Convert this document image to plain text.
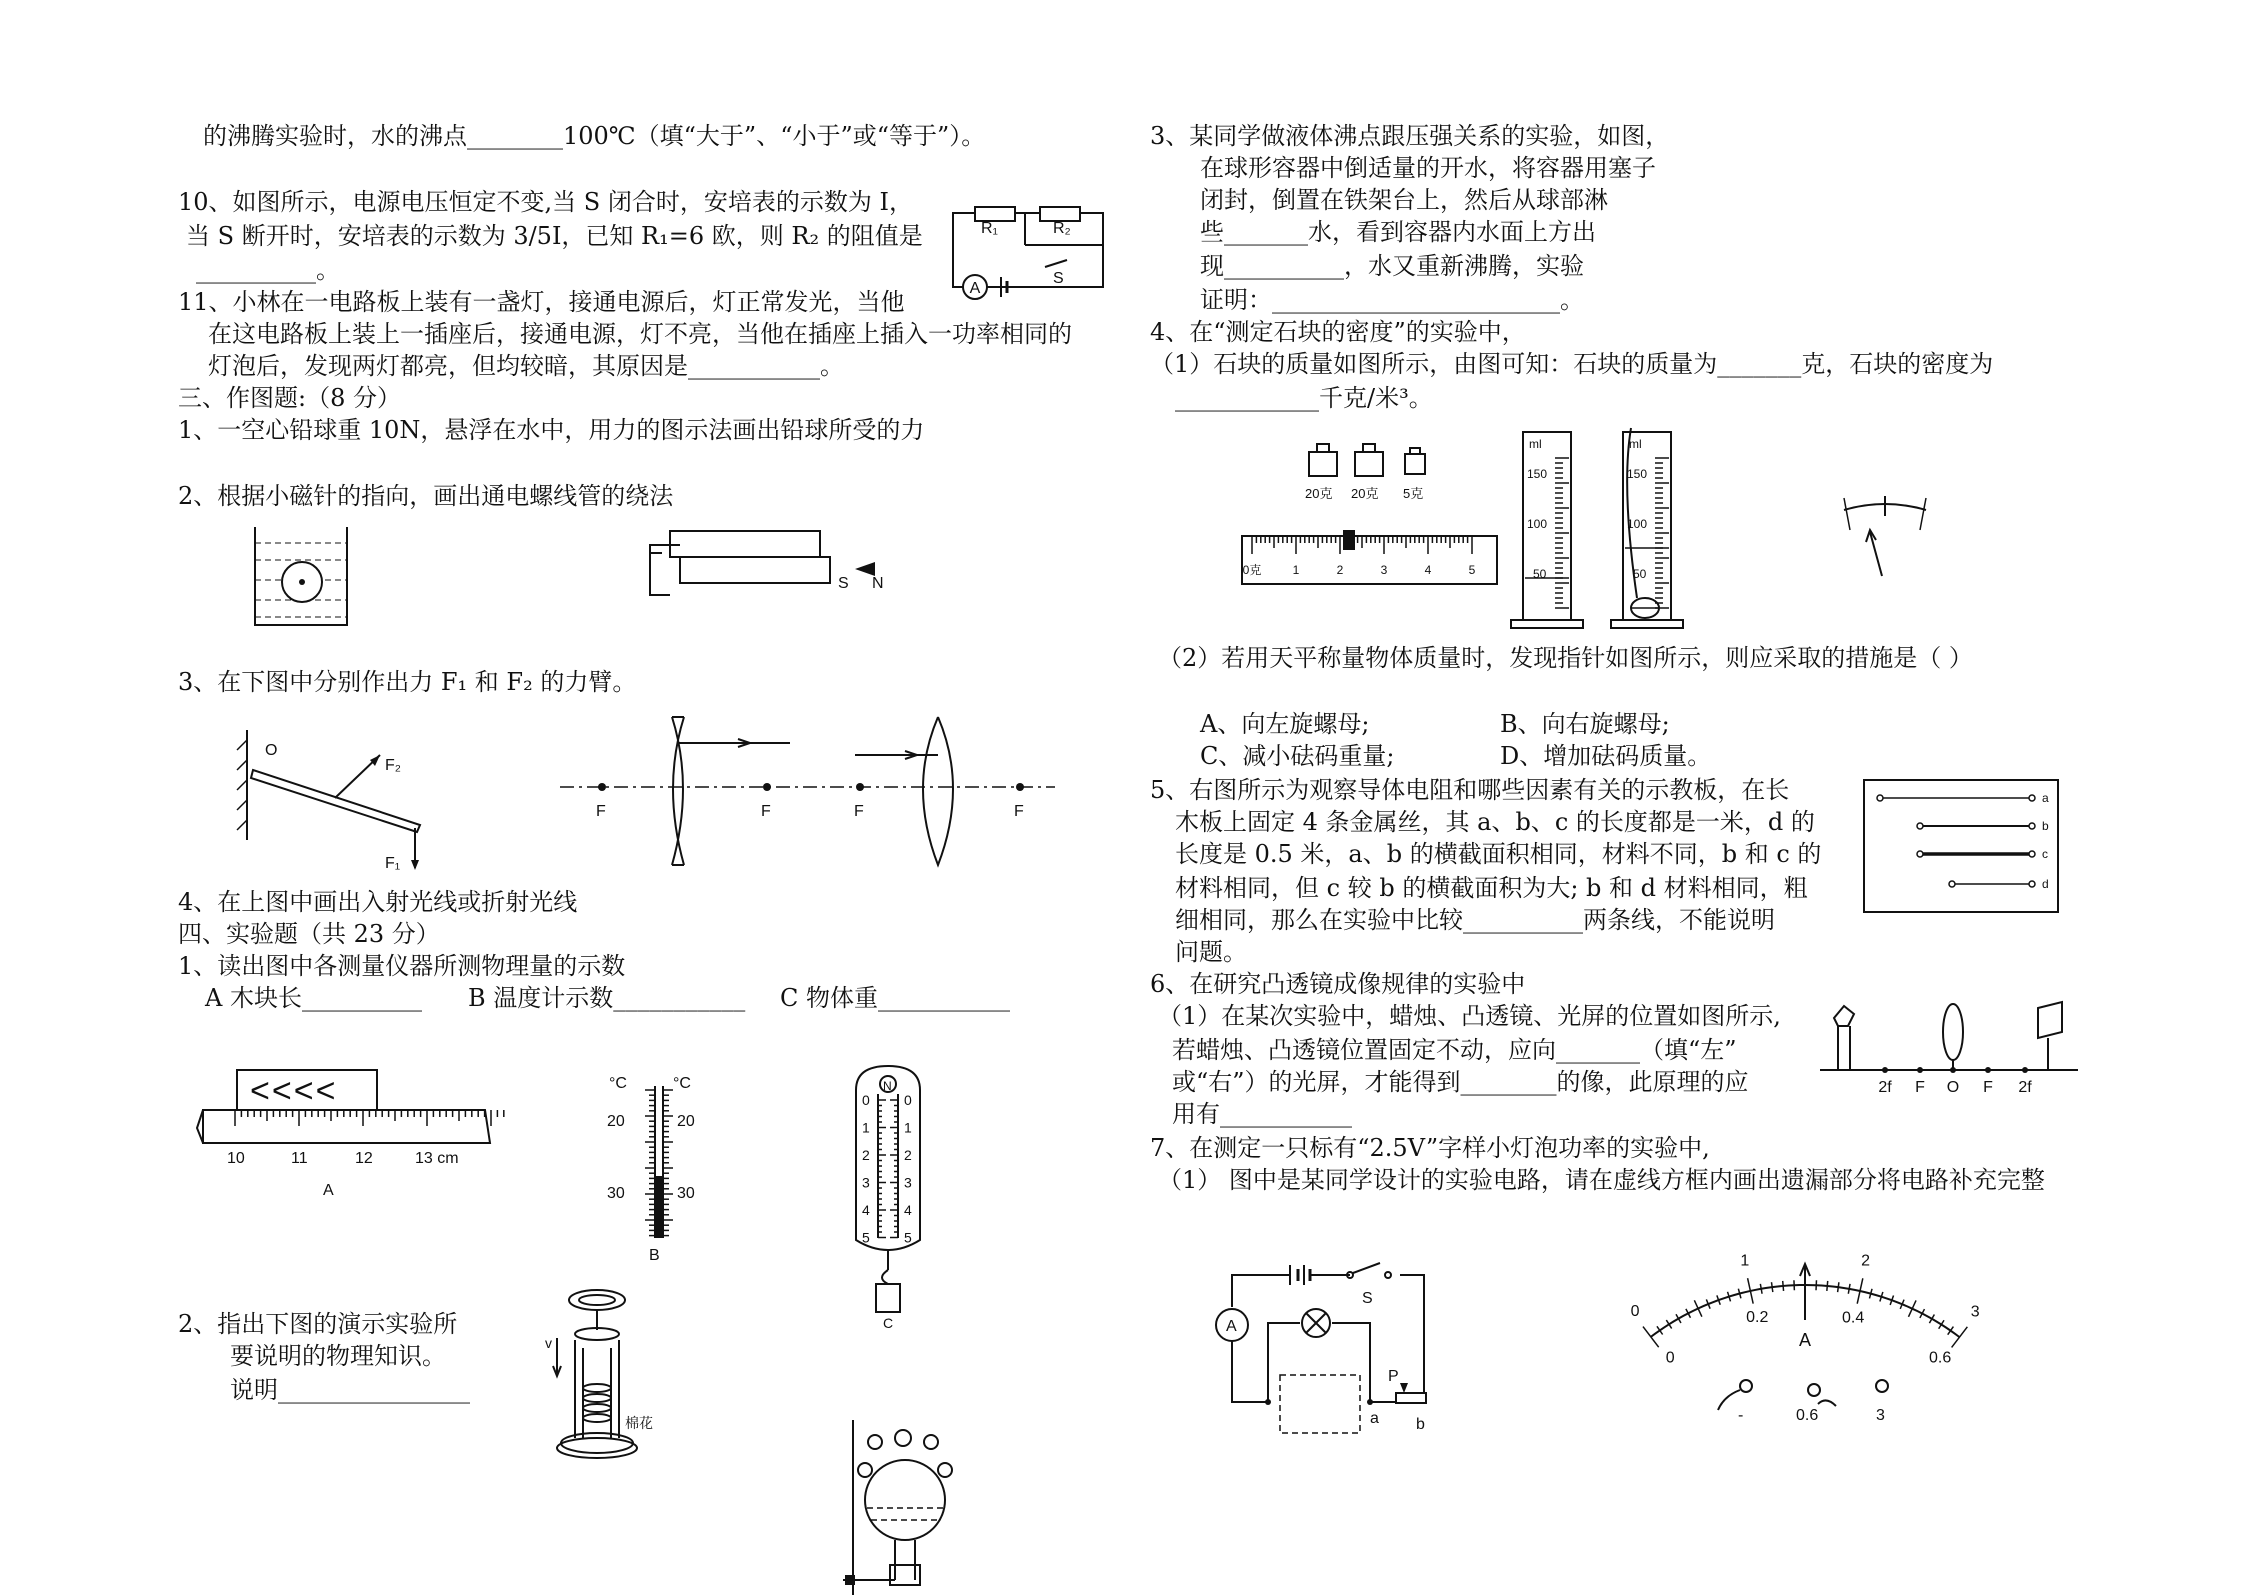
的沸腾实验时，水的沸点________100℃（填“大于”、“小于”或“等于”）。
10、如图所示，电源电压恒定不变,当 S 闭合时，安培表的示数为 I，
当 S 断开时，安培表的示数为 3/5I，已知 R₁=6 欧，则 R₂ 的阻值是
__________。
11、小林在一电路板上装有一盏灯，接通电源后，灯正常发光，当他
在这电路板上装上一插座后，接通电源，灯不亮，当他在插座上插入一功率相同的
灯泡后，发现两灯都亮，但均较暗，其原因是___________。
三、作图题:（8 分）
1、一空心铅球重 10N，悬浮在水中，用力的图示法画出铅球所受的力
2、根据小磁针的指向，画出通电螺线管的绕法
3、在下图中分别作出力 F₁ 和 F₂ 的力臂。
4、在上图中画出入射光线或折射光线
四、实验题（共 23 分）
1、读出图中各测量仪器所测物理量的示数
A 木块长__________ B 温度计示数___________ C 物体重___________
2、指出下图的演示实验所
要说明的物理知识。
说明________________
3、某同学做液体沸点跟压强关系的实验，如图，
在球形容器中倒适量的开水，将容器用塞子
闭封，倒置在铁架台上，然后从球部淋
些_______水，看到容器内水面上方出
现__________，水又重新沸腾，实验
证明：________________________。
4、在“测定石块的密度”的实验中，
（1）石块的质量如图所示，由图可知：石块的质量为_______克，石块的密度为
____________千克/米³。
（2）若用天平称量物体质量时，发现指针如图所示，则应采取的措施是（ ）
A、向左旋螺母;	B、向右旋螺母;
C、减小砝码重量;	D、增加砝码质量。
5、右图所示为观察导体电阻和哪些因素有关的示教板，在长
木板上固定 4 条金属丝，其 a、b、c 的长度都是一米，d 的
长度是 0.5 米，a、b 的横截面积相同，材料不同，b 和 c 的
材料相同，但 c 较 b 的横截面积为大; b 和 d 材料相同，粗
细相同，那么在实验中比较__________两条线，不能说明
问题。
6、在研究凸透镜成像规律的实验中
（1）在某次实验中，蜡烛、凸透镜、光屏的位置如图所示,
若蜡烛、凸透镜位置固定不动，应向_______（填“左”
或“右”）的光屏，才能得到________的像，此原理的应
用有___________
7、在测定一只标有“2.5V”字样小灯泡功率的实验中,
（1） 图中是某同学设计的实验电路，请在虚线方框内画出遗漏部分将电路补充完整
A
R₁	R₂
S
S N
O
F₂
F₁
F	F	F	F
<<<<
10	11	12	13 cm
A
°C	°C
20	20
30	30
B
N
0 0
1 1
2 2
3 3
4 4
5 5
C
v
棉花
20克 20克 5克
0克	1	2	3	4	5
ml
150
100
50
ml
150
100
50
a
b
c
d
2f F O F 2f
S
A
P
a b
0
0
1
0.2
2
0.4	3
0.6
A
-	0.6	3
